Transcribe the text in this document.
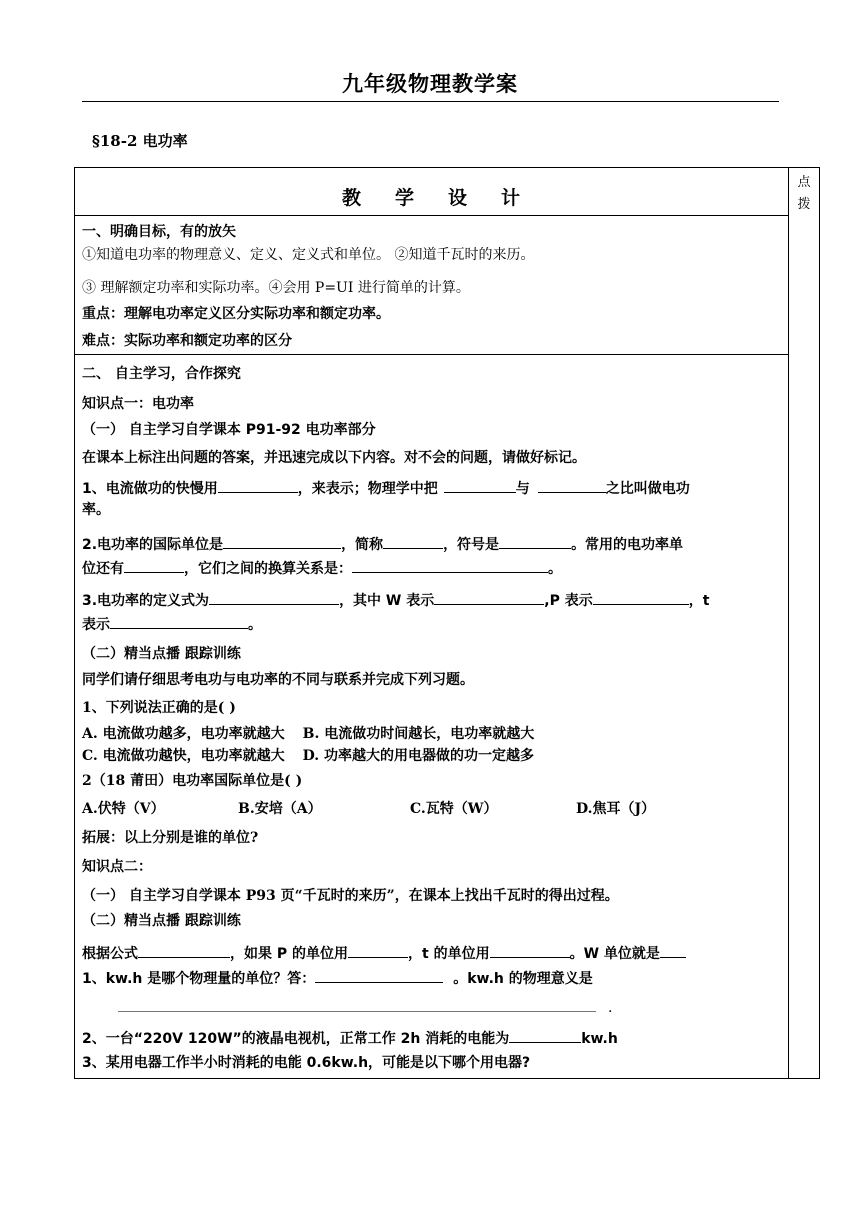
九年级物理教学案
§18-2 电功率
教学设计
点
拨
一、明确目标，有的放矢
①知道电功率的物理意义、定义、定义式和单位。 ②知道千瓦时的来历。
③ 理解额定功率和实际功率。④会用 P=UI 进行简单的计算。
重点：理解电功率定义区分实际功率和额定功率。
难点：实际功率和额定功率的区分
二、 自主学习，合作探究
知识点一：电功率
（一） 自主学习自学课本 P91-92 电功率部分
在课本上标注出问题的答案，并迅速完成以下内容。对不会的问题，请做好标记。
1、电流做功的快慢用	，来表示；物理学中把	与	之比叫做电功
率。
2.电功率的国际单位是	，简称	，符号是	。常用的电功率单
位还有	，它们之间的换算关系是：	。
3.电功率的定义式为	，其中 W 表示	,P 表示	，t
表示	。
（二）精当点播 跟踪训练
同学们请仔细思考电功与电功率的不同与联系并完成下列习题。
1、下列说法正确的是( )
A. 电流做功越多，电功率就越大 B. 电流做功时间越长，电功率就越大
C. 电流做功越快，电功率就越大 D. 功率越大的用电器做的功一定越多
2（18 莆田）电功率国际单位是( )
A.伏特（V）	B.安培（A）	C.瓦特（W）	D.焦耳（J）
拓展：以上分别是谁的单位?
知识点二：
（一） 自主学习自学课本 P93 页“千瓦时的来历”，在课本上找出千瓦时的得出过程。
（二）精当点播 跟踪训练
根据公式	，如果 P 的单位用	，t 的单位用	。W 单位就是
1、kw.h 是哪个物理量的单位？答：	。kw.h 的物理意义是
.
2、一台“220V 120W”的液晶电视机，正常工作 2h 消耗的电能为	kw.h
3、某用电器工作半小时消耗的电能 0.6kw.h，可能是以下哪个用电器?
